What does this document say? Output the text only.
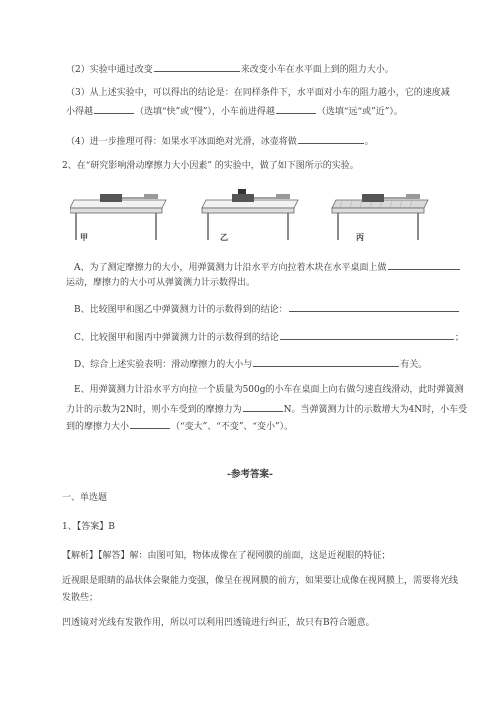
（2）实验中通过改变	来改变小车在水平面上到的阻力大小。
（3）从上述实验中，可以得出的结论是：在同样条件下，水平面对小车的阻力越小，它的速度减
小得越	（选填“快”或“慢”），小车前进得越	（选填“远“或”近”）。
（4）进一步推理可得：如果水平冰面绝对光滑，冰壶将做	。
2、在“研究影响滑动摩擦力大小因素” 的实验中，做了如下图所示的实验。
甲	乙	丙
A、为了测定摩擦力的大小，用弹簧测力计沿水平方向拉着木块在水平桌面上做
运动，摩擦力的大小可从弹簧测力计示数得出。
B、比较图甲和图乙中弹簧测力计的示数得到的结论：
C、比较图甲和图丙中弹簧测力计的示数得到的结论	；
D、综合上述实验表明：滑动摩擦力的大小与	有关。
E、用弹簧测力计沿水平方向拉一个质量为500g的小车在桌面上向右做匀速直线滑动，此时弹簧测
力计的示数为2N时，则小车受到的摩擦力为	N。当弹簧测力计的示数增大为4N时，小车受
到的摩擦力大小	（“变大”、“不变”、“变小”）。
-参考答案-
一、单选题
1、【答案】B
【解析】【解答】解：由图可知，物体成像在了视网膜的前面，这是近视眼的特征；
近视眼是眼睛的晶状体会聚能力变强，像呈在视网膜的前方，如果要让成像在视网膜上，需要将光线
发散些；
凹透镜对光线有发散作用，所以可以利用凹透镜进行纠正，故只有B符合题意。
